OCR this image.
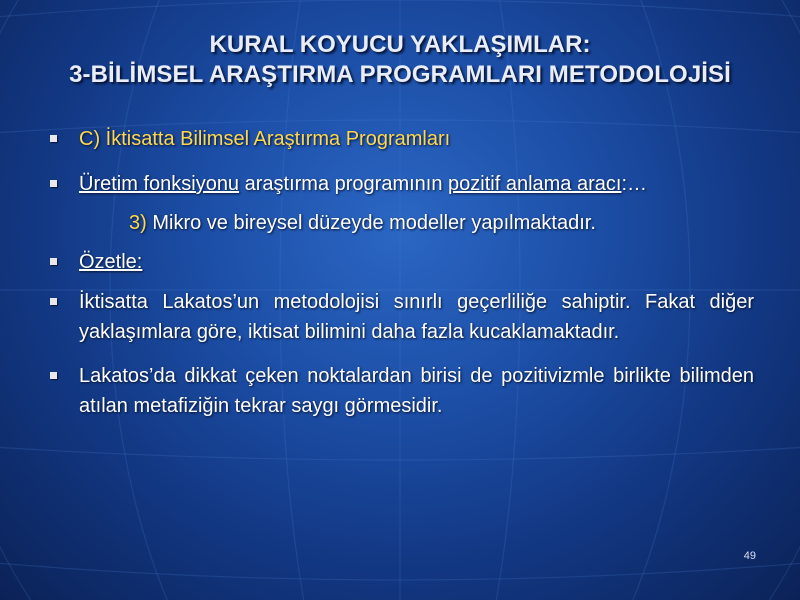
KURAL KOYUCU YAKLAŞIMLAR:
3-BİLİMSEL ARAŞTIRMA PROGRAMLARI METODOLOJİSİ
C) İktisatta Bilimsel Araştırma Programları
Üretim fonksiyonu araştırma programının pozitif anlama aracı:…
3) Mikro ve bireysel düzeyde modeller yapılmaktadır.
Özetle:
İktisatta Lakatos’un metodolojisi sınırlı geçerliliğe sahiptir. Fakat diğer yaklaşımlara göre, iktisat bilimini daha fazla kucaklamaktadır.
Lakatos’da dikkat çeken noktalardan birisi de pozitivizmle birlikte bilimden atılan metafiziğin tekrar saygı görmesidir.
49
